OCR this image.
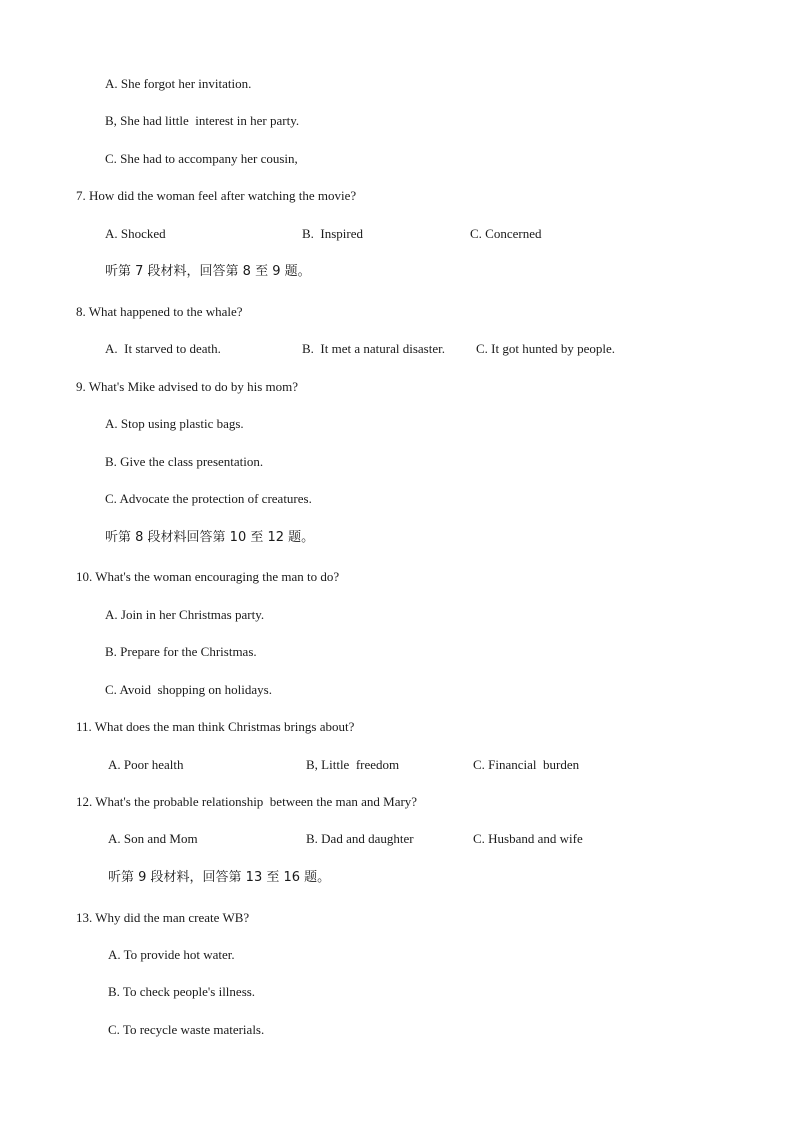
A. She forgot her invitation.
B, She had little  interest in her party.
C. She had to accompany her cousin,
7. How did the woman feel after watching the movie?
A. Shocked	B.  Inspired	C. Concerned
听第 7 段材料，回答第 8 至 9 题。
8. What happened to the whale?
A.  It starved to death.	B.  It met a natural disaster. C. It got hunted by people.
9. What's Mike advised to do by his mom?
A. Stop using plastic bags.
B. Give the class presentation.
C. Advocate the protection of creatures.
听第 8 段材料回答第 10 至 12 题。
10. What's the woman encouraging the man to do?
A. Join in her Christmas party.
B. Prepare for the Christmas.
C. Avoid  shopping on holidays.
11. What does the man think Christmas brings about?
A. Poor health	B, Little  freedom	C. Financial  burden
12. What's the probable relationship  between the man and Mary?
A. Son and Mom	B. Dad and daughter	C. Husband and wife
听第 9 段材料，回答第 13 至 16 题。
13. Why did the man create WB?
A. To provide hot water.
B. To check people's illness.
C. To recycle waste materials.
